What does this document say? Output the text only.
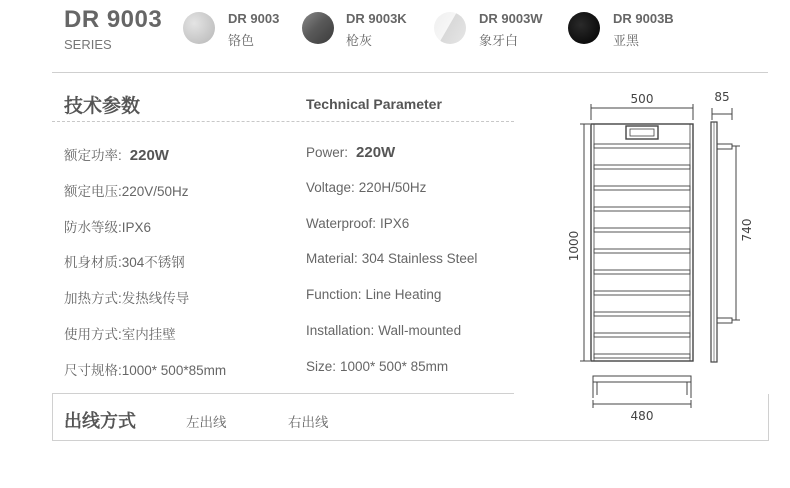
DR 9003
SERIES
DR 9003
铬色
DR 9003K
枪灰
DR 9003W
象牙白
DR 9003B
亚黑
技术参数	Technical Parameter
额定功率: 220W	Power: 220W
额定电压:220V/50Hz	Voltage: 220H/50Hz
防水等级:IPX6	Waterproof: IPX6
机身材质:304不锈钢	Material: 304 Stainless Steel
加热方式:发热线传导	Function: Line Heating
使用方式:室内挂壁	Installation: Wall-mounted
尺寸规格:1000* 500*85mm	Size: 1000* 500* 85mm
出线方式	左出线	右出线
500	85
1000
740
480
